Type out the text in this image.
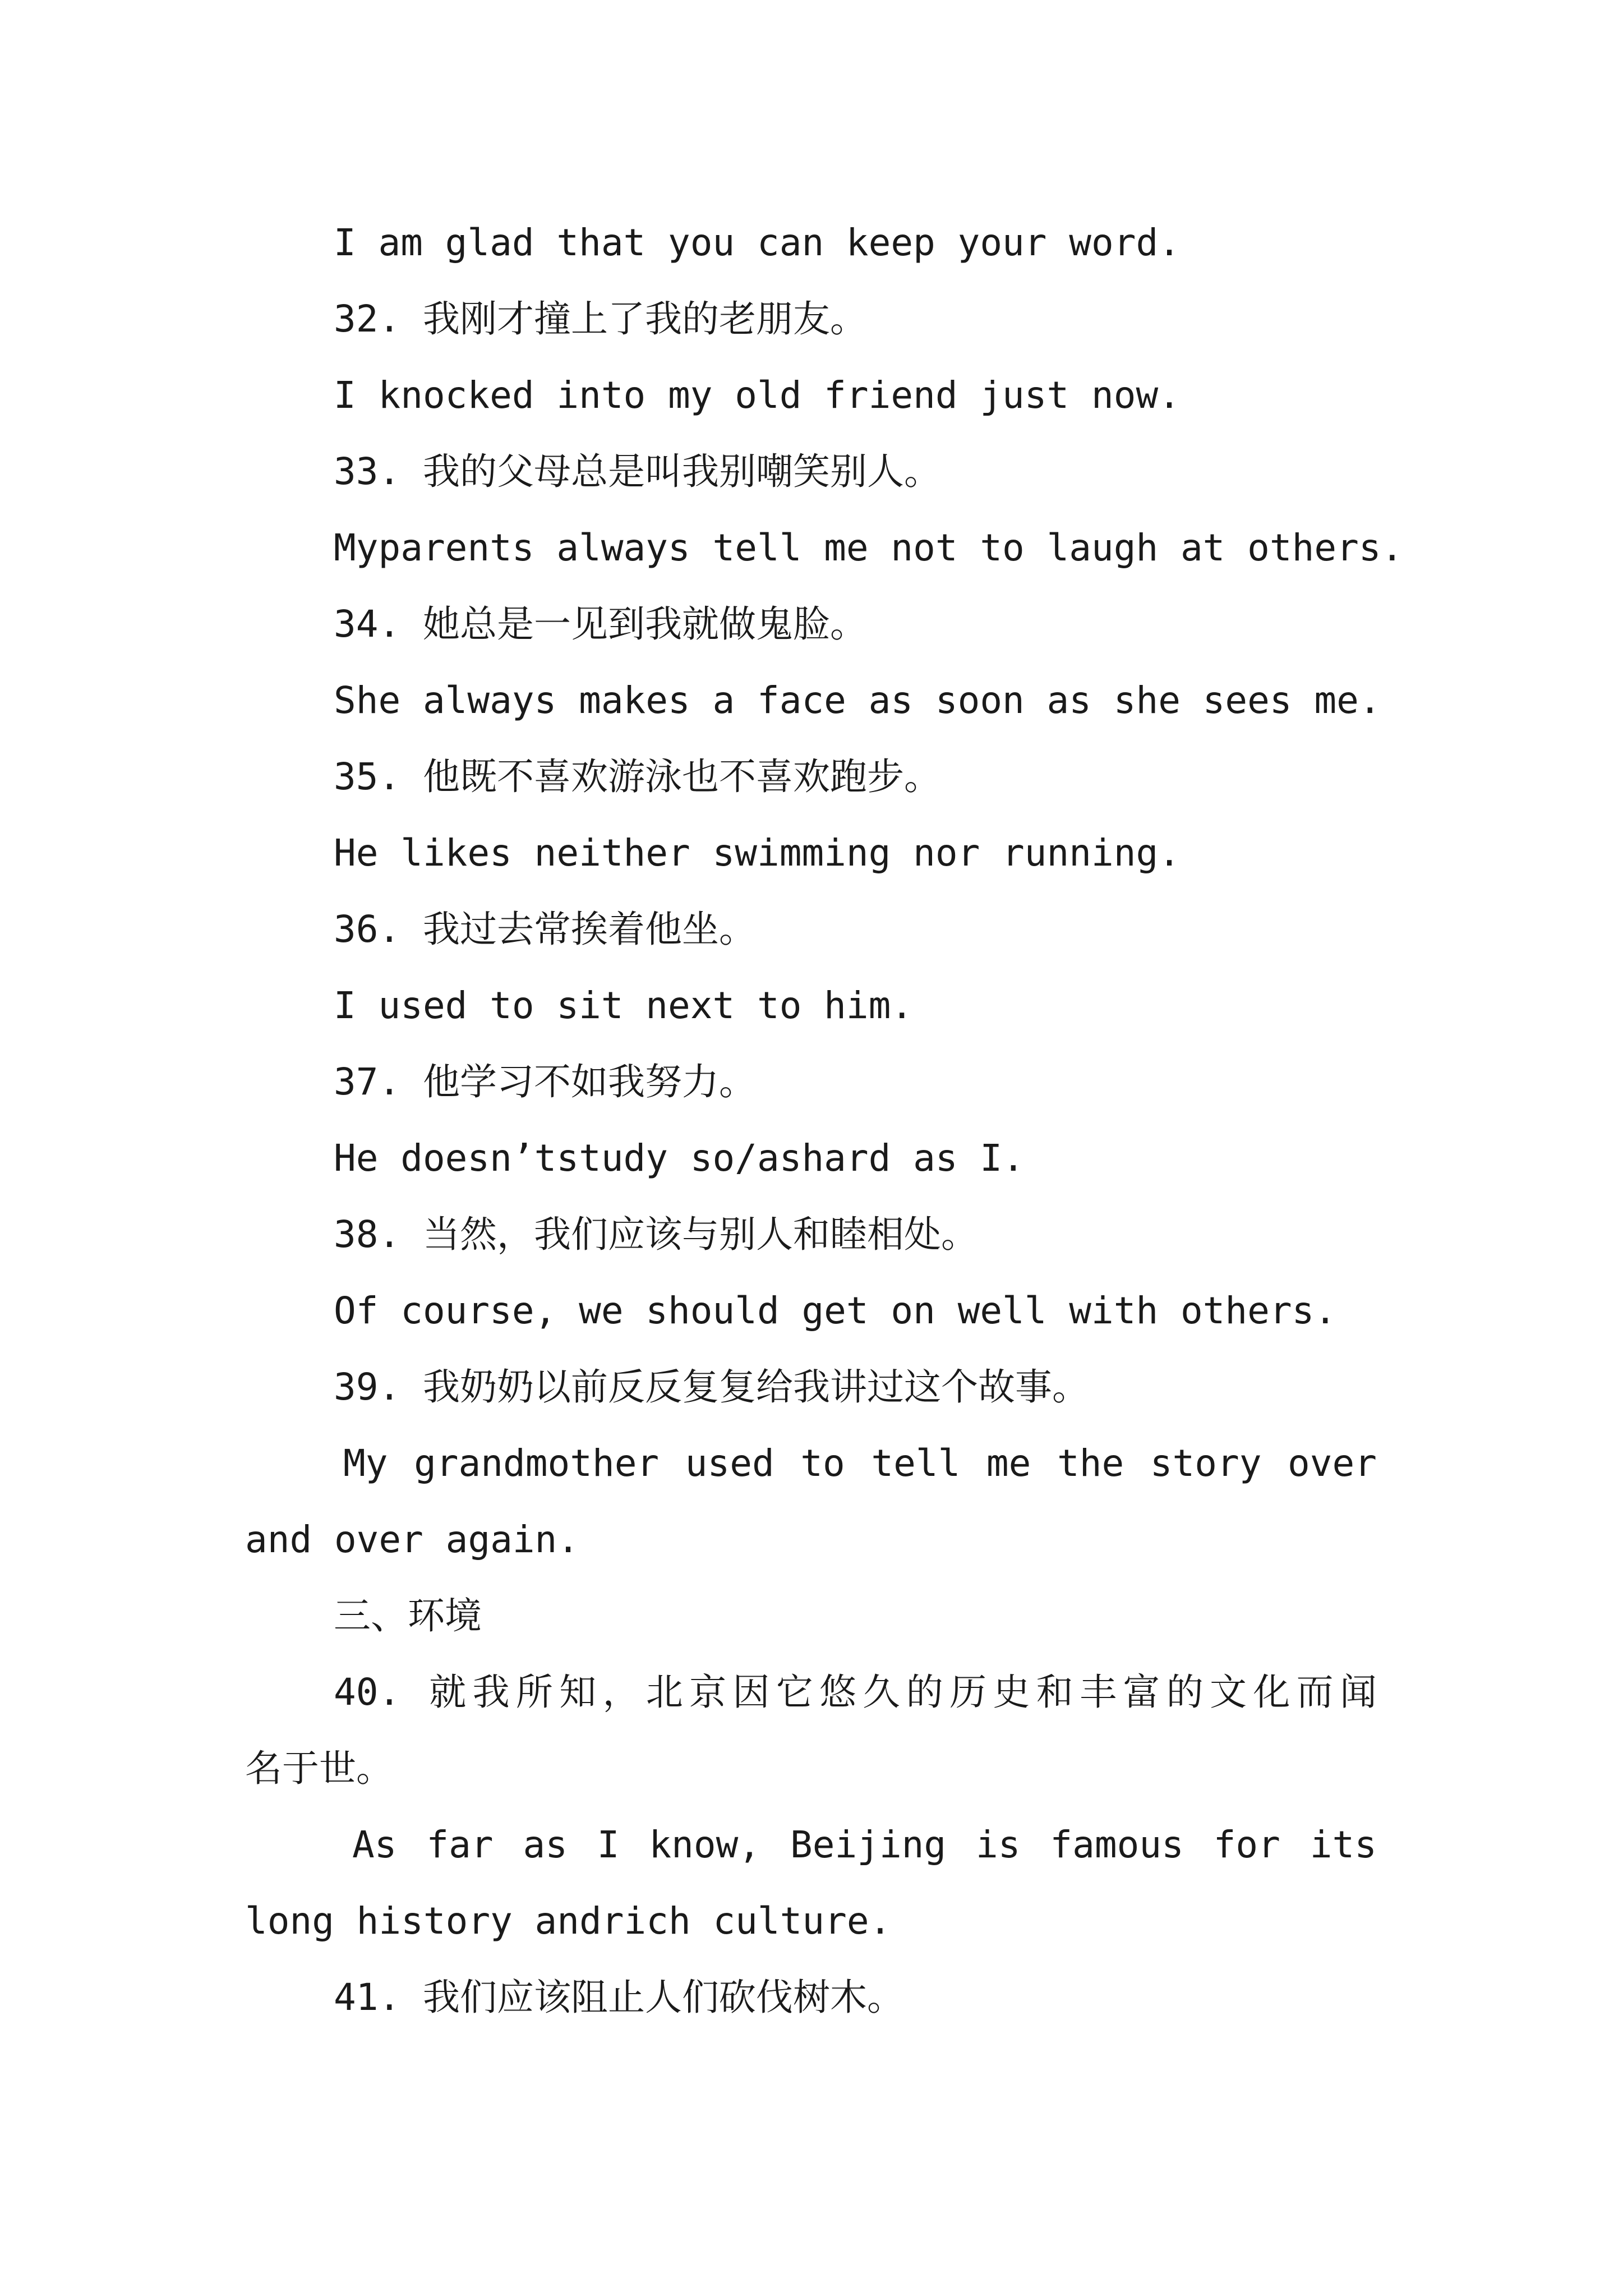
I am glad that you can keep your word.
32. 我刚才撞上了我的老朋友。
I knocked into my old friend just now.
33. 我的父母总是叫我别嘲笑别人。
Myparents always tell me not to laugh at others.
34. 她总是一见到我就做鬼脸。
She always makes a face as soon as she sees me.
35. 他既不喜欢游泳也不喜欢跑步。
He likes neither swimming nor running.
36. 我过去常挨着他坐。
I used to sit next to him.
37. 他学习不如我努力。
He doesn’tstudy so/ashard as I.
38. 当然，我们应该与别人和睦相处。
Of course, we should get on well with others.
39. 我奶奶以前反反复复给我讲过这个故事。
My grandmother used to tell me the story over
and over again.
三、环境
40. 就我所知，北京因它悠久的历史和丰富的文化而闻
名于世。
As far as I know, Beijing is famous for its
long history andrich culture.
41. 我们应该阻止人们砍伐树木。
